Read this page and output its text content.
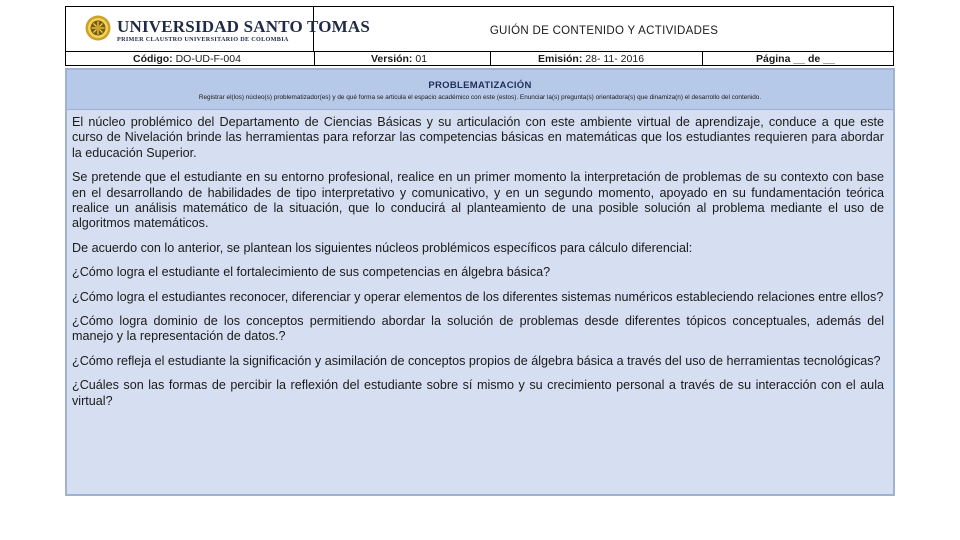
UNIVERSIDAD SANTO TOMAS
PRIMER CLAUSTRO UNIVERSITARIO DE COLOMBIA
GUIÓN DE CONTENIDO Y ACTIVIDADES
Código: DO-UD-F-004	Versión: 01	Emisión: 28- 11- 2016	Página __ de __
PROBLEMATIZACIÓN
Registrar el(los) núcleo(s) problematizador(es) y de qué forma se articula el espacio académico con este (estos). Enunciar la(s) pregunta(s) orientadora(s) que dinamiza(n) el desarrollo del contenido.

El núcleo problémico del Departamento de Ciencias Básicas y su articulación con este ambiente virtual de aprendizaje, conduce a que este curso de Nivelación brinde las herramientas para reforzar las competencias básicas en matemáticas que los estudiantes requieren para abordar la educación Superior.

Se pretende que el estudiante en su entorno profesional, realice en un primer momento la interpretación de problemas de su contexto con base en el desarrollando de habilidades de tipo interpretativo y comunicativo, y en un segundo momento, apoyado en su fundamentación teórica realice un análisis matemático de la situación, que lo conducirá al planteamiento de una posible solución al problema mediante el uso de algoritmos matemáticos.

De acuerdo con lo anterior, se plantean los siguientes núcleos problémicos específicos para cálculo diferencial:

¿Cómo logra el estudiante el fortalecimiento de sus competencias en álgebra básica?

¿Cómo logra el estudiantes reconocer, diferenciar y operar elementos de los diferentes sistemas numéricos estableciendo relaciones entre ellos?

¿Cómo logra dominio de los conceptos permitiendo abordar la solución de problemas desde diferentes tópicos conceptuales, además del manejo y la representación de datos.?

¿Cómo refleja el estudiante la significación y asimilación de conceptos propios de álgebra básica a través del uso de herramientas tecnológicas?

¿Cuáles son las formas de percibir la reflexión del estudiante sobre sí mismo y su crecimiento personal a través de su interacción con el aula virtual?
